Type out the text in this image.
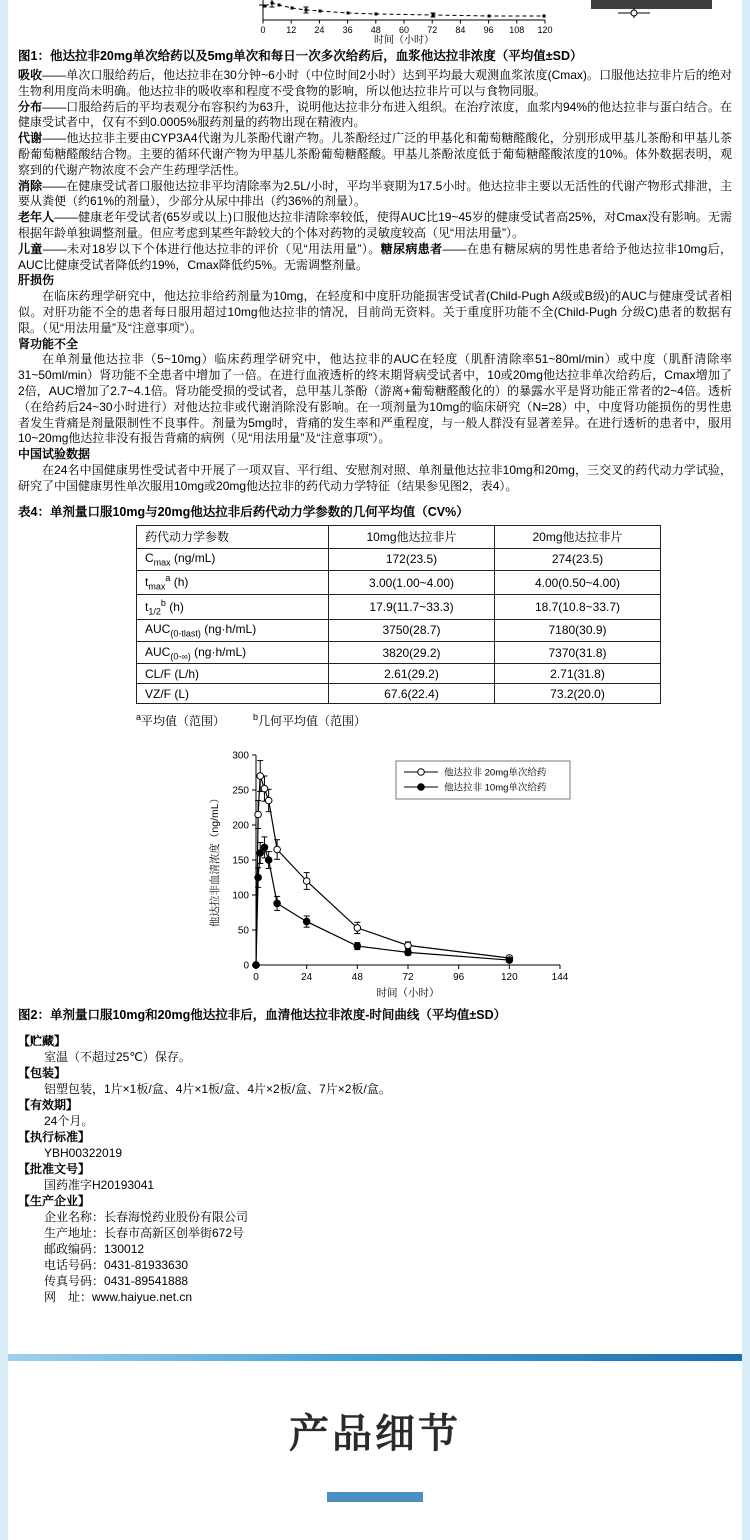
0 12 24 36 48 60 72 84 96 108 120
时间（小时）
图1：他达拉非20mg单次给药以及5mg单次和每日一次多次给药后，血浆他达拉非浓度（平均值±SD）
吸收——单次口服给药后，他达拉非在30分钟~6小时（中位时间2小时）达到平均最大观测血浆浓度(Cmax)。口服他达拉非片后的绝对生物利用度尚未明确。他达拉非的吸收率和程度不受食物的影响，所以他达拉非片可以与食物同服。
分布——口服给药后的平均表观分布容积约为63升，说明他达拉非分布进入组织。在治疗浓度，血浆内94%的他达拉非与蛋白结合。在健康受试者中，仅有不到0.0005%服药剂量的药物出现在精液内。
代谢——他达拉非主要由CYP3A4代谢为儿茶酚代谢产物。儿茶酚经过广泛的甲基化和葡萄糖醛酸化，分别形成甲基儿茶酚和甲基儿茶酚葡萄糖醛酸结合物。主要的循环代谢产物为甲基儿茶酚葡萄糖醛酸。甲基儿茶酚浓度低于葡萄糖醛酸浓度的10%。体外数据表明，观察到的代谢产物浓度不会产生药理学活性。
消除——在健康受试者口服他达拉非平均清除率为2.5L/小时，平均半衰期为17.5小时。他达拉非主要以无活性的代谢产物形式排泄，主要从粪便（约61%的剂量），少部分从尿中排出（约36%的剂量）。
老年人——健康老年受试者(65岁或以上)口服他达拉非清除率较低，使得AUC比19~45岁的健康受试者高25%，对Cmax没有影响。无需根据年龄单独调整剂量。但应考虑到某些年龄较大的个体对药物的灵敏度较高（见“用法用量”）。
儿童——未对18岁以下个体进行他达拉非的评价（见“用法用量”）。糖尿病患者——在患有糖尿病的男性患者给予他达拉非10mg后，AUC比健康受试者降低约19%，Cmax降低约5%。无需调整剂量。
肝损伤
在临床药理学研究中，他达拉非给药剂量为10mg，在轻度和中度肝功能损害受试者(Child-Pugh A级或B级)的AUC与健康受试者相似。对肝功能不全的患者每日服用超过10mg他达拉非的情况，目前尚无资料。关于重度肝功能不全(Child-Pugh 分级C)患者的数据有限。（见“用法用量”及“注意事项”）。
肾功能不全
在单剂量他达拉非（5~10mg）临床药理学研究中，他达拉非的AUC在轻度（肌酐清除率51~80ml/min）或中度（肌酐清除率31~50ml/min）肾功能不全患者中增加了一倍。在进行血液透析的终末期肾病受试者中，10或20mg他达拉非单次给药后，Cmax增加了2倍，AUC增加了2.7~4.1倍。肾功能受损的受试者，总甲基儿茶酚（游离+葡萄糖醛酸化的）的暴露水平是肾功能正常者的2~4倍。透析（在给药后24~30小时进行）对他达拉非或代谢消除没有影响。在一项剂量为10mg的临床研究（N=28）中，中度肾功能损伤的男性患者发生背痛是剂量限制性不良事件。剂量为5mg时，背痛的发生率和严重程度，与一般人群没有显著差异。在进行透析的患者中，服用10~20mg他达拉非没有报告背痛的病例（见“用法用量”及“注意事项”）。
中国试验数据
在24名中国健康男性受试者中开展了一项双盲、平行组、安慰剂对照、单剂量他达拉非10mg和20mg，三交叉的药代动力学试验，研究了中国健康男性单次服用10mg或20mg他达拉非的药代动力学特征（结果参见图2，表4）。
表4：单剂量口服10mg与20mg他达拉非后药代动力学参数的几何平均值（CV%）
药代动力学参数	10mg他达拉非片	20mg他达拉非片
$C_{max}$ (ng/mL)	172(23.5)	274(23.5)
$t_{max}^a$ (h)	3.00(1.00~4.00)	4.00(0.50~4.00)
$t_{1/2}^b$ (h)	17.9(11.7~33.3)	18.7(10.8~33.7)
$AUC_{(0-tlast)}$ (ng·h/mL)	3750(28.7)	7180(30.9)
$AUC_{(0-\infty)}$ (ng·h/mL)	3820(29.2)	7370(31.8)
CL/F (L/h)	2.61(29.2)	2.71(31.8)
VZ/F (L)	67.6(22.4)	73.2(20.0)
$^a$平均值（范围）	$^b$几何平均值（范围）
0
50
100
150
200
250
300
0	24	48	72	96	120	144
时间（小时）
他达拉非血清浓度（ng/mL）
他达拉非 20mg单次给药
他达拉非 10mg单次给药
图2：单剂量口服10mg和20mg他达拉非后，血清他达拉非浓度-时间曲线（平均值±SD）
【贮藏】
室温（不超过25℃）保存。
【包装】
铝塑包装，1片×1板/盒、4片×1板/盒、4片×2板/盒、7片×2板/盒。
【有效期】
24个月。
【执行标准】
YBH00322019
【批准文号】
国药准字H20193041
【生产企业】
企业名称：长春海悦药业股份有限公司
生产地址：长春市高新区创举街672号
邮政编码：130012
电话号码：0431-81933630
传真号码：0431-89541888
网　址：www.haiyue.net.cn
产品细节
